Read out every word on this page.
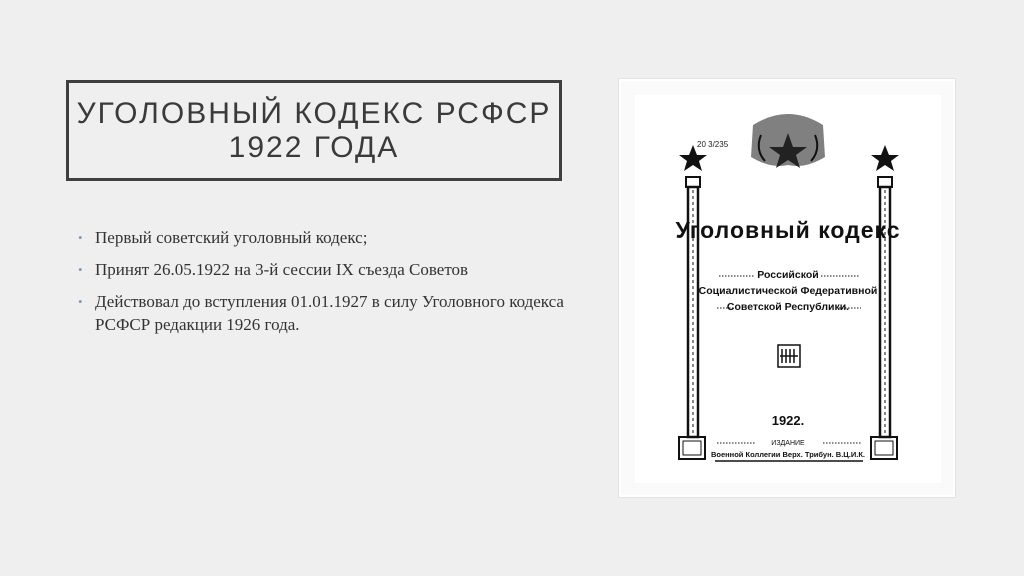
УГОЛОВНЫЙ КОДЕКС РСФСР
1922 ГОДА
• Первый советский уголовный кодекс;
• Принят 26.05.1922 на 3-й сессии IX съезда Советов
• Действовал до вступления 01.01.1927 в силу Уголовного кодекса РСФСР редакции 1926 года.
20 3/235
Уголовный кодекс
Российской
Социалистической Федеративной
Советской Республики.
1922.
ИЗДАНИЕ
Военной Коллегии Верх. Трибун. В.Ц.И.К.
